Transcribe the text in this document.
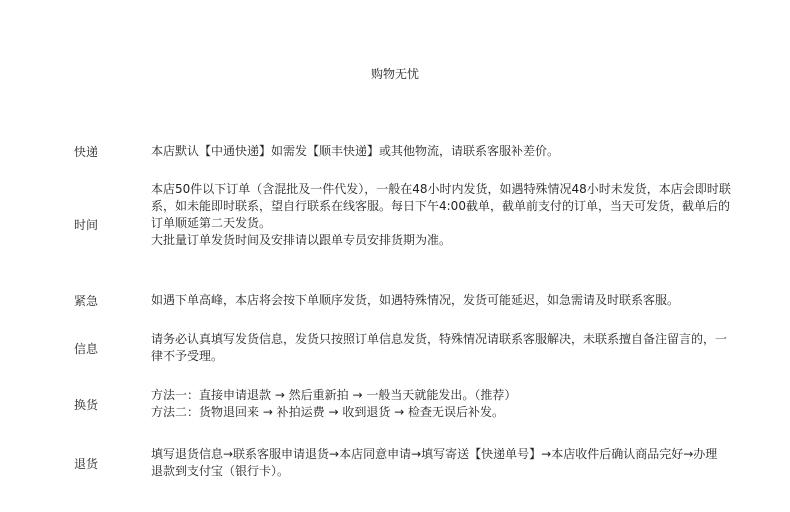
购物无忧
快递	本店默认【中通快递】如需发【顺丰快递】或其他物流，请联系客服补差价。
时间
本店50件以下订单（含混批及一件代发），一般在48小时内发货，如遇特殊情况48小时未发货，本店会即时联
系，如未能即时联系，望自行联系在线客服。每日下午4:00截单，截单前支付的订单，当天可发货，截单后的
订单顺延第二天发货。
大批量订单发货时间及安排请以跟单专员安排货期为准。
紧急	如遇下单高峰，本店将会按下单顺序发货，如遇特殊情况，发货可能延迟，如急需请及时联系客服。
信息
请务必认真填写发货信息，发货只按照订单信息发货，特殊情况请联系客服解决，未联系擅自备注留言的，一
律不予受理。
换货
方法一：直接申请退款 → 然后重新拍 → 一般当天就能发出。（推荐）
方法二：货物退回来 → 补拍运费 → 收到退货 → 检查无误后补发。
退货
填写退货信息→联系客服申请退货→本店同意申请→填写寄送【快递单号】→本店收件后确认商品完好→办理
退款到支付宝（银行卡）。
